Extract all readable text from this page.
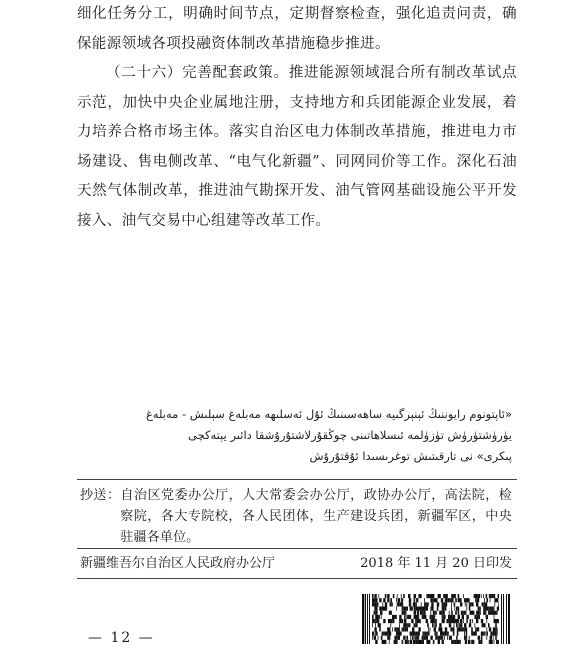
细化任务分工，明确时间节点，定期督察检查，强化追责问责，确保能源领域各项投融资体制改革措施稳步推进。

（二十六）完善配套政策。推进能源领域混合所有制改革试点示范，加快中央企业属地注册，支持地方和兵团能源企业发展，着力培养合格市场主体。落实自治区电力体制改革措施，推进电力市场建设、售电侧改革、“电气化新疆”、同网同价等工作。深化石油天然气体制改革，推进油气勘探开发、油气管网基础设施公平开发接入、油气交易中心组建等改革工作。

«ئاپتونوم رايوننىڭ ئېنېرگىيە ساھەسىنىڭ ئۇل ئەسلىھە مەبلەغ سېلىش - مەبلەغ
يۈرۈشتۈرۈش تۈزۈلمە ئىسلاھاتىنى چوڭقۇرلاشتۇرۇشقا دائىر يېتەكچى
پىكرى» نى تارقىتىش توغرىسىدا ئۇقتۇرۇش
抄送：自治区党委办公厅，人大常委会办公厅，政协办公厅，高法院，检察院，各大专院校，各人民团体，生产建设兵团，新疆军区，中央驻疆各单位。
新疆维吾尔自治区人民政府办公厅	2018 年 11 月 20 日印发
— 12 —
